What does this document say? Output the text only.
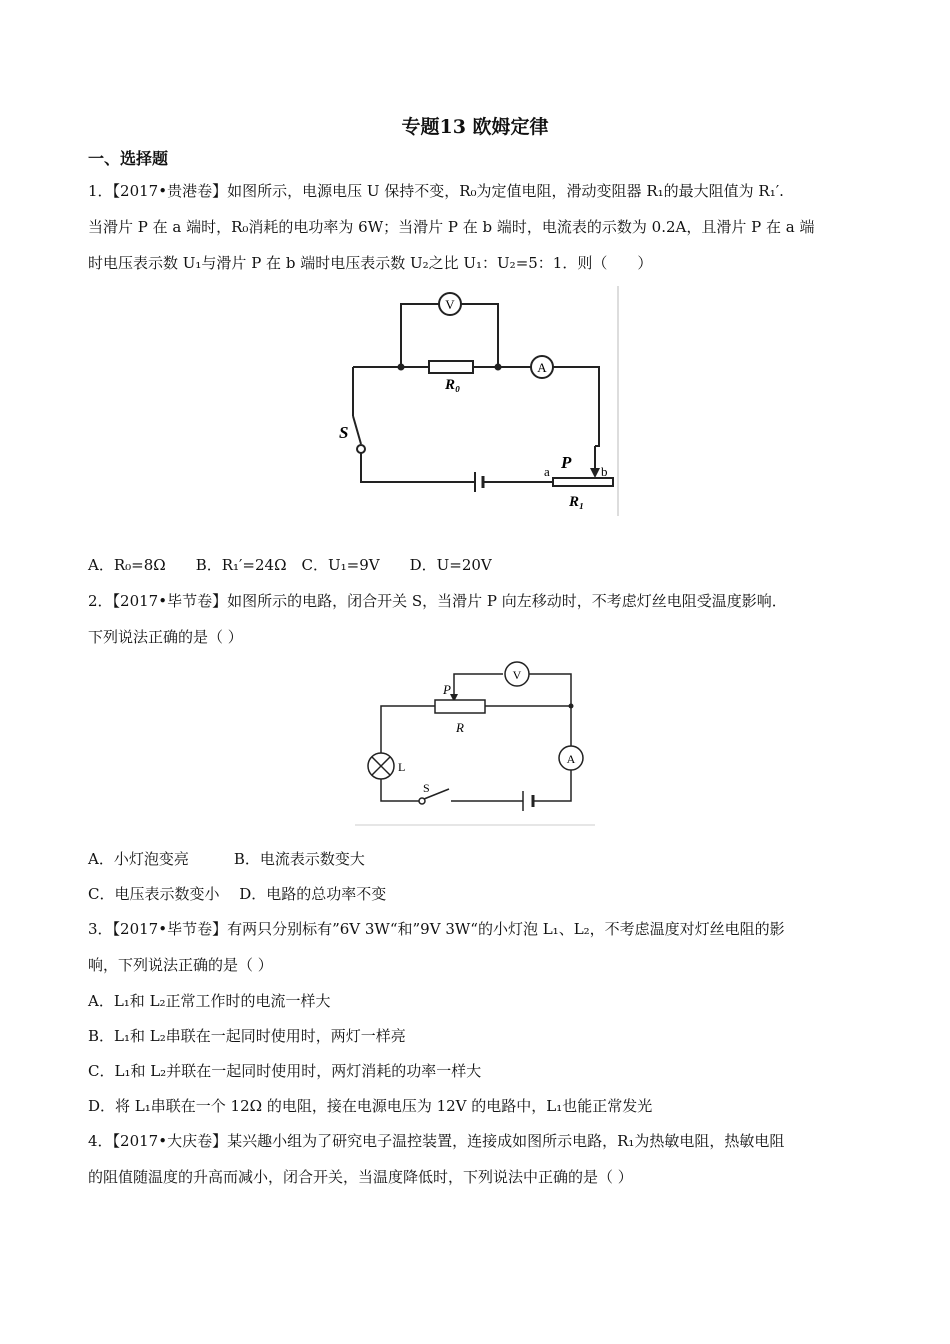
专题13 欧姆定律
一、选择题
1．【2017•贵港卷】如图所示，电源电压 U 保持不变，R₀为定值电阻，滑动变阻器 R₁的最大阻值为 R₁′.
当滑片 P 在 a 端时，R₀消耗的电功率为 6W；当滑片 P 在 b 端时，电流表的示数为 0.2A，且滑片 P 在 a 端
时电压表示数 U₁与滑片 P 在 b 端时电压表示数 U₂之比 U₁：U₂=5：1．则（　　）
V
R₀
A
P
S
a	b
R₁
A．R₀=8Ω　　B．R₁′=24Ω　C．U₁=9V　　D．U=20V
2．【2017•毕节卷】如图所示的电路，闭合开关 S，当滑片 P 向左移动时，不考虑灯丝电阻受温度影响．
下列说法正确的是（ ）
V
P
R
A
L
S
A．小灯泡变亮　　　B．电流表示数变大
C．电压表示数变小　 D．电路的总功率不变
3．【2017•毕节卷】有两只分别标有”6V 3W“和”9V 3W“的小灯泡 L₁、L₂，不考虑温度对灯丝电阻的影
响，下列说法正确的是（ ）
A．L₁和 L₂正常工作时的电流一样大
B．L₁和 L₂串联在一起同时使用时，两灯一样亮
C．L₁和 L₂并联在一起同时使用时，两灯消耗的功率一样大
D．将 L₁串联在一个 12Ω 的电阻，接在电源电压为 12V 的电路中，L₁也能正常发光
4．【2017•大庆卷】某兴趣小组为了研究电子温控装置，连接成如图所示电路，R₁为热敏电阻，热敏电阻
的阻值随温度的升高而减小，闭合开关，当温度降低时，下列说法中正确的是（ ）
